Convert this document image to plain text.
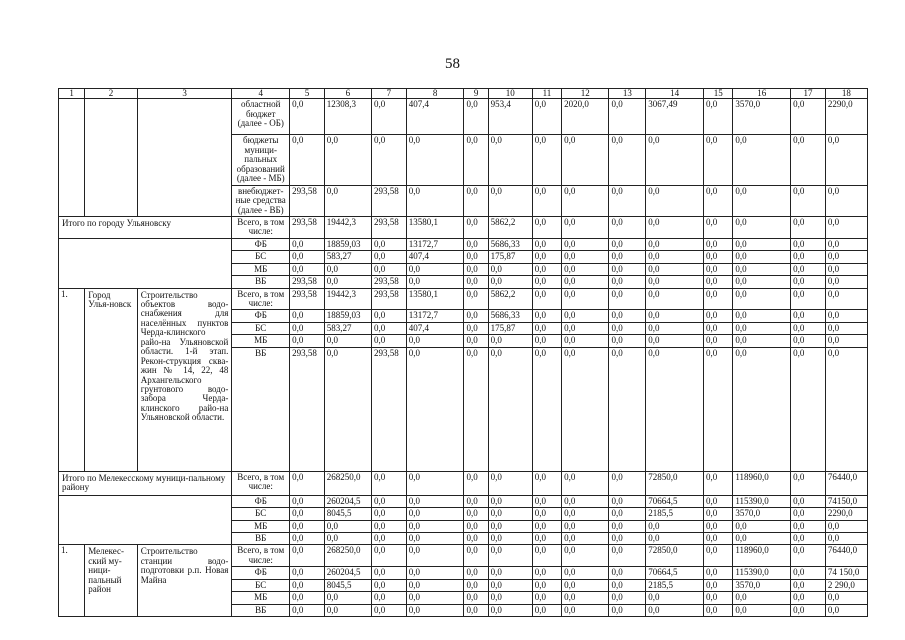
58
1	2	3	4	5	6	7	8	9	10	11	12	13	14	15	16	17	18
			областной бюджет (далее - ОБ)	0,0	12308,3	0,0	407,4	0,0	953,4	0,0	2020,0	0,0	3067,49	0,0	3570,0	0,0	2290,0
			бюджеты муници-пальных образований (далее - МБ)	0,0	0,0	0,0	0,0	0,0	0,0	0,0	0,0	0,0	0,0	0,0	0,0	0,0	0,0
			внебюджет-ные средства (далее - ВБ)	293,58	0,0	293,58	0,0	0,0	0,0	0,0	0,0	0,0	0,0	0,0	0,0	0,0	0,0
Итого по городу Ульяновску			Всего, в том числе:	293,58	19442,3	293,58	13580,1	0,0	5862,2	0,0	0,0	0,0	0,0	0,0	0,0	0,0	0,0
			ФБ	0,0	18859,03	0,0	13172,7	0,0	5686,33	0,0	0,0	0,0	0,0	0,0	0,0	0,0	0,0
			БС	0,0	583,27	0,0	407,4	0,0	175,87	0,0	0,0	0,0	0,0	0,0	0,0	0,0	0,0
			МБ	0,0	0,0	0,0	0,0	0,0	0,0	0,0	0,0	0,0	0,0	0,0	0,0	0,0	0,0
			ВБ	293,58	0,0	293,58	0,0	0,0	0,0	0,0	0,0	0,0	0,0	0,0	0,0	0,0	0,0
1.	Город Улья-новск	Строительство объектов водо-снабжения для населённых пунктов Черда-клинского райо-на Ульяновской области. 1-й этап. Рекон-струкция сква-жин № 14, 22, 48 Архангельского грунтового водо-забора Черда-клинского райо-на Ульяновской области.	Всего, в том числе:	293,58	19442,3	293,58	13580,1	0,0	5862,2	0,0	0,0	0,0	0,0	0,0	0,0	0,0	0,0
			ФБ	0,0	18859,03	0,0	13172,7	0,0	5686,33	0,0	0,0	0,0	0,0	0,0	0,0	0,0	0,0
			БС	0,0	583,27	0,0	407,4	0,0	175,87	0,0	0,0	0,0	0,0	0,0	0,0	0,0	0,0
			МБ	0,0	0,0	0,0	0,0	0,0	0,0	0,0	0,0	0,0	0,0	0,0	0,0	0,0	0,0
			ВБ	293,58	0,0	293,58	0,0	0,0	0,0	0,0	0,0	0,0	0,0	0,0	0,0	0,0	0,0
Итого по Мелекесскому муници-пальному району			Всего, в том числе:	0,0	268250,0	0,0	0,0	0,0	0,0	0,0	0,0	0,0	72850,0	0,0	118960,0	0,0	76440,0
			ФБ	0,0	260204,5	0,0	0,0	0,0	0,0	0,0	0,0	0,0	70664,5	0,0	115390,0	0,0	74150,0
			БС	0,0	8045,5	0,0	0,0	0,0	0,0	0,0	0,0	0,0	2185,5	0,0	3570,0	0,0	2290,0
			МБ	0,0	0,0	0,0	0,0	0,0	0,0	0,0	0,0	0,0	0,0	0,0	0,0	0,0	0,0
			ВБ	0,0	0,0	0,0	0,0	0,0	0,0	0,0	0,0	0,0	0,0	0,0	0,0	0,0	0,0
1.	Мелекес-ский му-ници-пальный район	Строительство станции водо-подготовки р.п. Новая Майна	Всего, в том числе:	0,0	268250,0	0,0	0,0	0,0	0,0	0,0	0,0	0,0	72850,0	0,0	118960,0	0,0	76440,0
			ФБ	0,0	260204,5	0,0	0,0	0,0	0,0	0,0	0,0	0,0	70664,5	0,0	115390,0	0,0	74 150,0
			БС	0,0	8045,5	0,0	0,0	0,0	0,0	0,0	0,0	0,0	2185,5	0,0	3570,0	0,0	2 290,0
			МБ	0,0	0,0	0,0	0,0	0,0	0,0	0,0	0,0	0,0	0,0	0,0	0,0	0,0	0,0
			ВБ	0,0	0,0	0,0	0,0	0,0	0,0	0,0	0,0	0,0	0,0	0,0	0,0	0,0	0,0
